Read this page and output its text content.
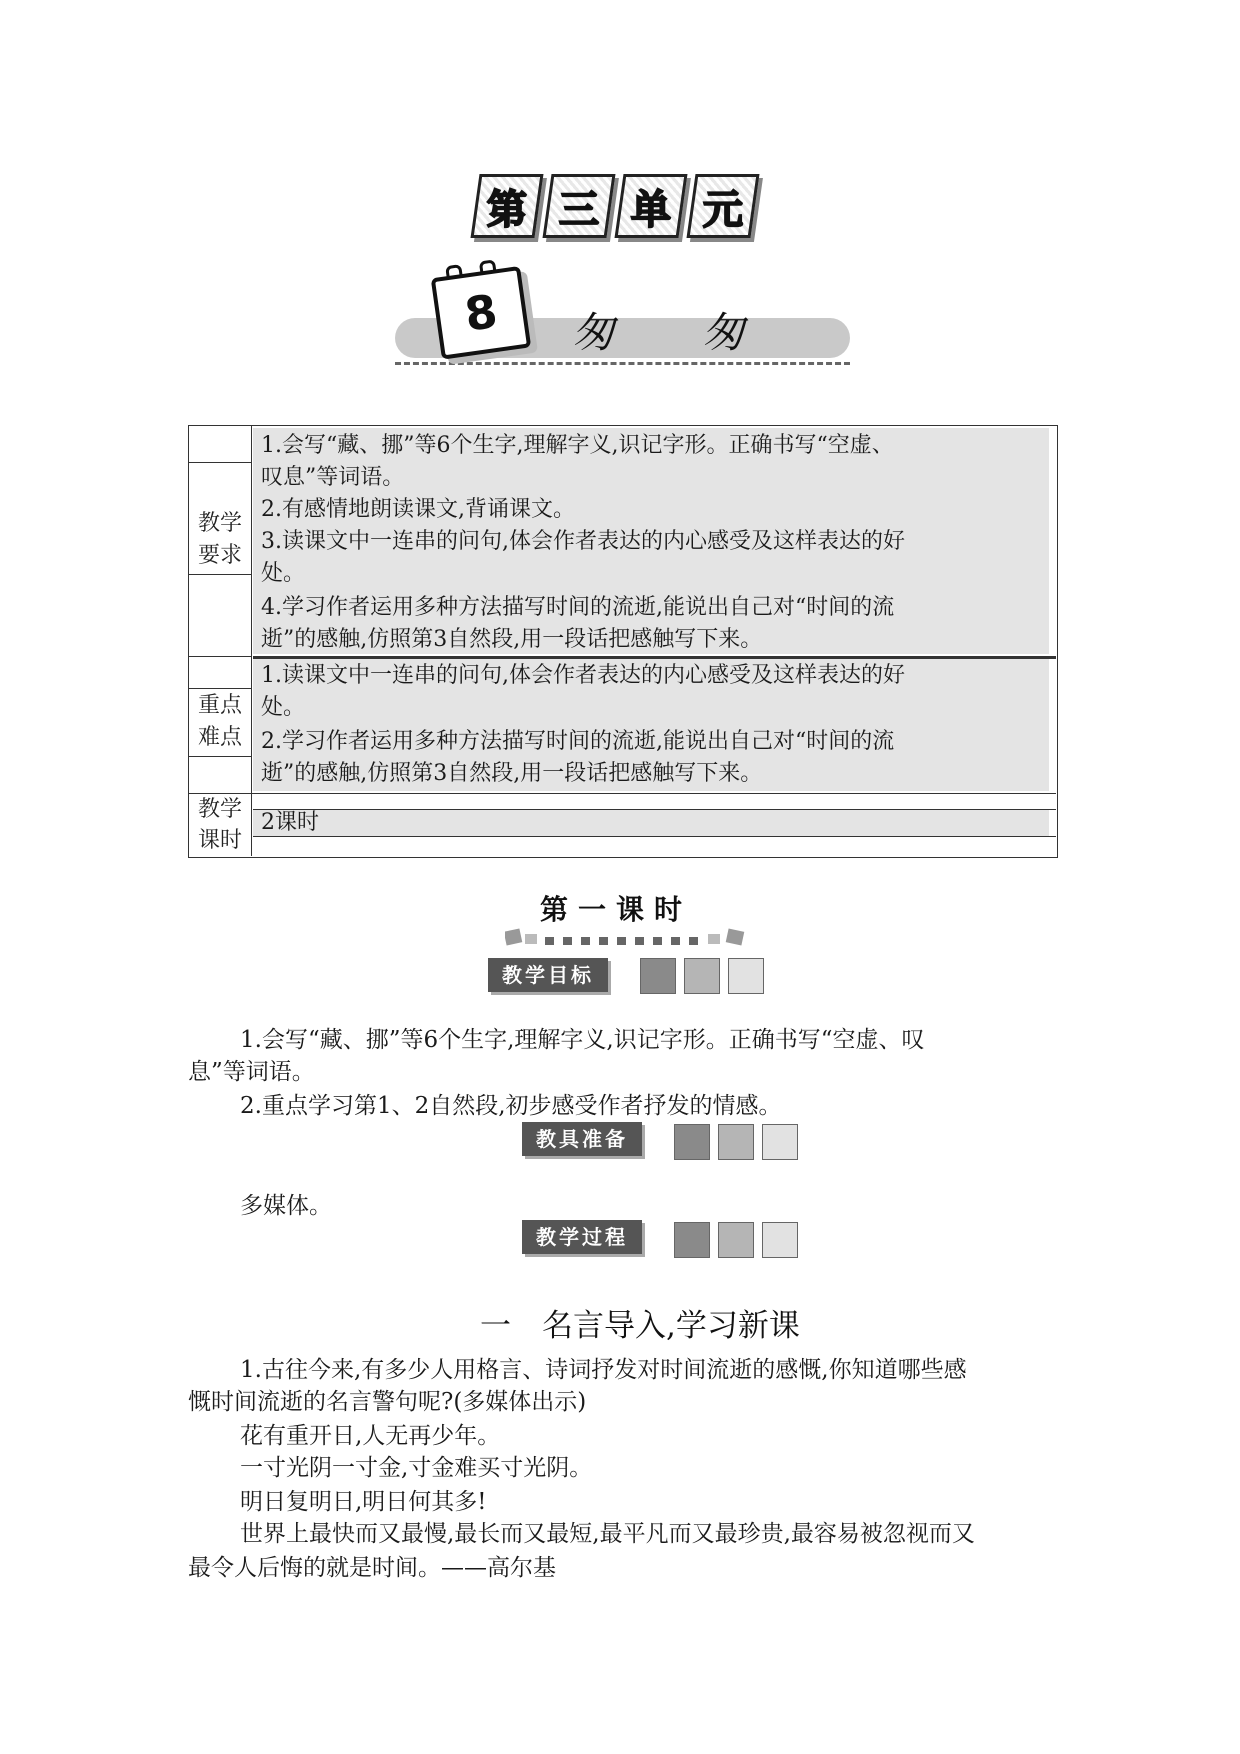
第 三 单 元
8 匆 匆
教学
要求
1.会写“藏、挪”等6个生字,理解字义,识记字形。正确书写“空虚、
叹息”等词语。
2.有感情地朗读课文,背诵课文。
3.读课文中一连串的问句,体会作者表达的内心感受及这样表达的好
处。
4.学习作者运用多种方法描写时间的流逝,能说出自己对“时间的流
逝”的感触,仿照第3自然段,用一段话把感触写下来。
重点
难点
1.读课文中一连串的问句,体会作者表达的内心感受及这样表达的好
处。
2.学习作者运用多种方法描写时间的流逝,能说出自己对“时间的流
逝”的感触,仿照第3自然段,用一段话把感触写下来。
教学
课时
2课时
第一课时
教学目标
1.会写“藏、挪”等6个生字,理解字义,识记字形。正确书写“空虚、叹
息”等词语。
2.重点学习第1、2自然段,初步感受作者抒发的情感。
教具准备
多媒体。
教学过程
一　名言导入,学习新课
1.古往今来,有多少人用格言、诗词抒发对时间流逝的感慨,你知道哪些感
慨时间流逝的名言警句呢?(多媒体出示)
花有重开日,人无再少年。
一寸光阴一寸金,寸金难买寸光阴。
明日复明日,明日何其多!
世界上最快而又最慢,最长而又最短,最平凡而又最珍贵,最容易被忽视而又
最令人后悔的就是时间。——高尔基
